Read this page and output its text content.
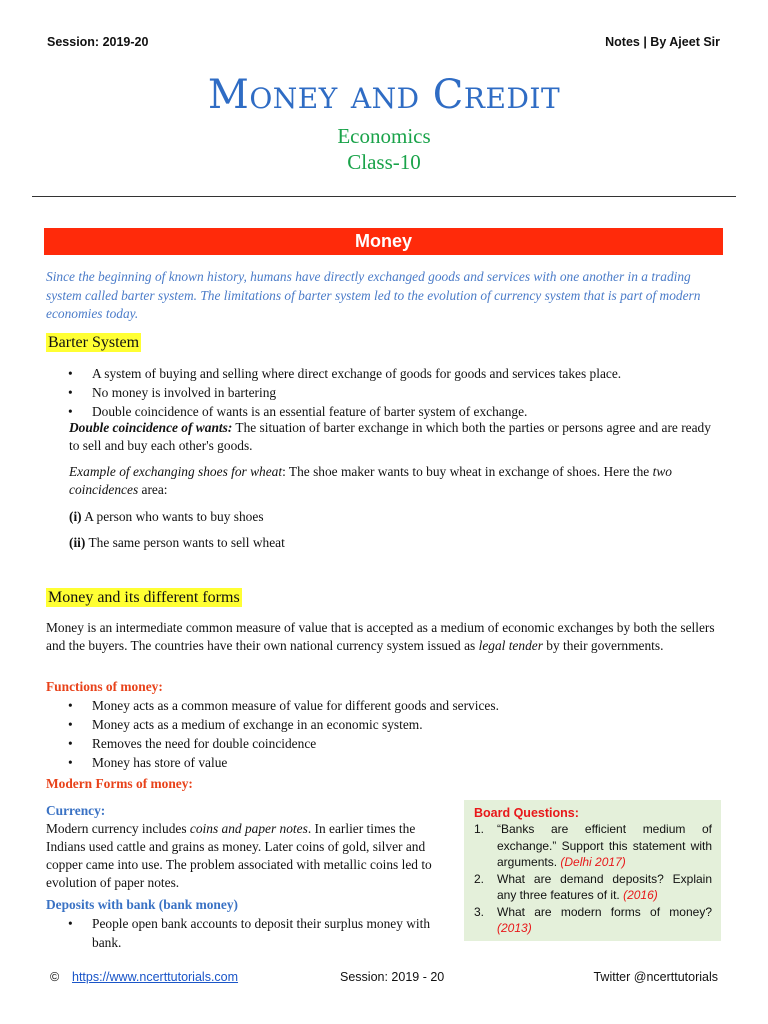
Session: 2019-20	Notes | By Ajeet Sir
Money and Credit
Economics
Class-10
Money
Since the beginning of known history, humans have directly exchanged goods and services with one another in a trading system called barter system. The limitations of barter system led to the evolution of currency system that is part of modern economies today.
Barter System
• A system of buying and selling where direct exchange of goods for goods and services takes place.
• No money is involved in bartering
• Double coincidence of wants is an essential feature of barter system of exchange.
Double coincidence of wants: The situation of barter exchange in which both the parties or persons agree and are ready to sell and buy each other's goods.
Example of exchanging shoes for wheat: The shoe maker wants to buy wheat in exchange of shoes. Here the two coincidences area:
(i) A person who wants to buy shoes
(ii) The same person wants to sell wheat
Money and its different forms
Money is an intermediate common measure of value that is accepted as a medium of economic exchanges by both the sellers and the buyers. The countries have their own national currency system issued as legal tender by their governments.
Functions of money:
• Money acts as a common measure of value for different goods and services.
• Money acts as a medium of exchange in an economic system.
• Removes the need for double coincidence
• Money has store of value
Modern Forms of money:
Currency:
Modern currency includes coins and paper notes. In earlier times the Indians used cattle and grains as money. Later coins of gold, silver and copper came into use. The problem associated with metallic coins led to evolution of paper notes.
Deposits with bank (bank money)
• People open bank accounts to deposit their surplus money with bank.
Board Questions:
1. “Banks are efficient medium of exchange.” Support this statement with arguments. (Delhi 2017)
2. What are demand deposits? Explain any three features of it. (2016)
3. What are modern forms of money? (2013)
© https://www.ncerttutorials.com	Session: 2019 - 20	Twitter @ncerttutorials
